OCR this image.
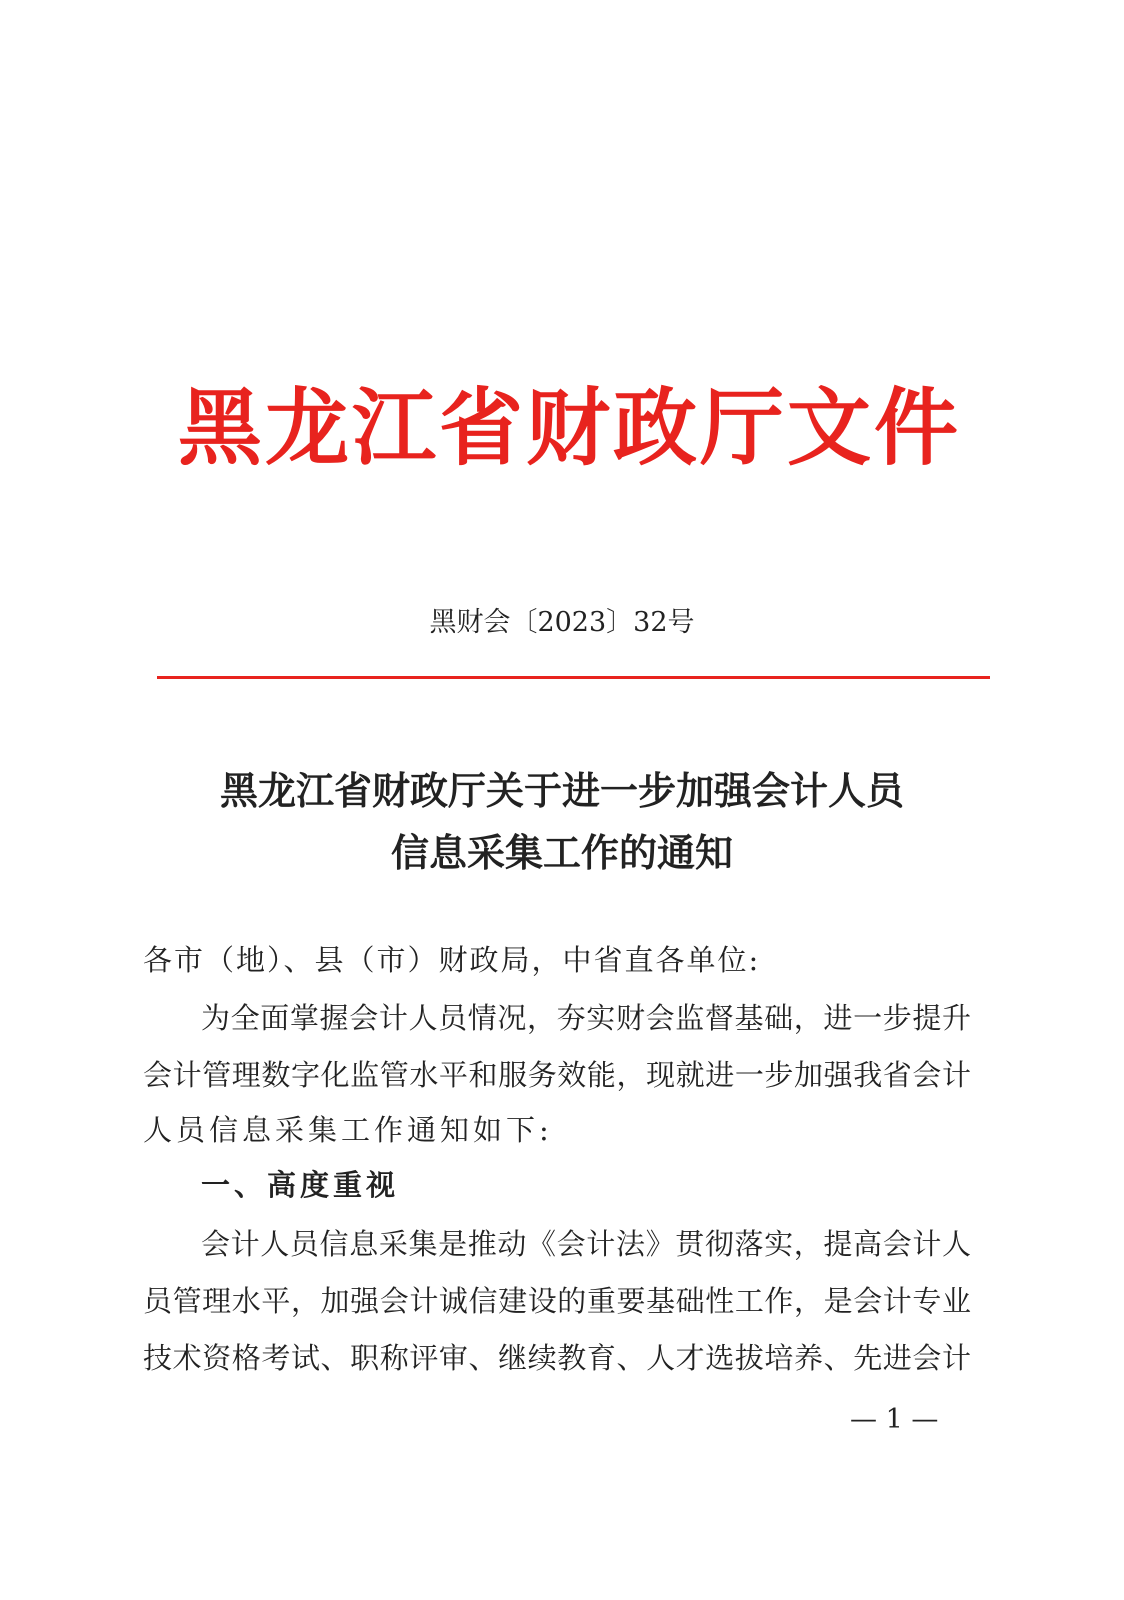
黑龙江省财政厅文件
黑财会〔2023〕32号
黑龙江省财政厅关于进一步加强会计人员
信息采集工作的通知
各市（地）、县（市）财政局，中省直各单位:
为全面掌握会计人员情况，夯实财会监督基础，进一步提升
会计管理数字化监管水平和服务效能，现就进一步加强我省会计
人员信息采集工作通知如下:
一、高度重视
会计人员信息采集是推动《会计法》贯彻落实，提高会计人
员管理水平，加强会计诚信建设的重要基础性工作，是会计专业
技术资格考试、职称评审、继续教育、人才选拔培养、先进会计
— 1 —
